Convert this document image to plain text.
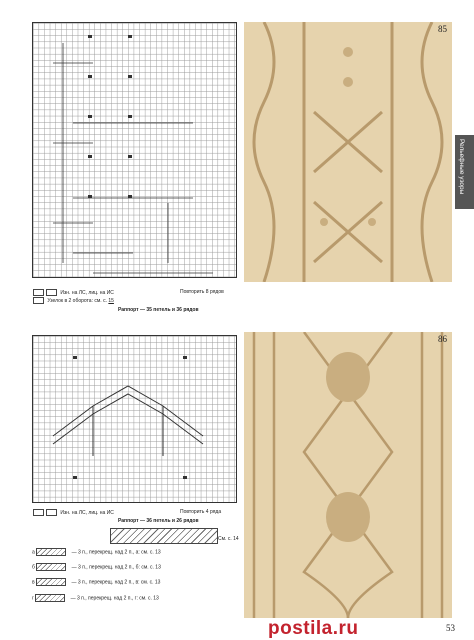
85
Рельефные узоры
Изн. на ЛС, лиц. на ИС	Повторить 8 рядов
Узелок в 2 оборота: см. с. 15
Раппорт — 35 петель и 36 рядов
86
Изн. на ЛС, лиц. на ИС	Повторить 4 ряда
Раппорт — 36 петель и 26 рядов
См. с. 14
а	— 3 п., перекрещ. над 2 п., а: см. с. 13
б	— 3 п., перекрещ. над 2 п., б: см. с. 13
в	— 3 п., перекрещ. над 2 п., в: см. с. 13
г	— 3 п., перекрещ. над 2 п., г: см. с. 13
53
postila.ru
